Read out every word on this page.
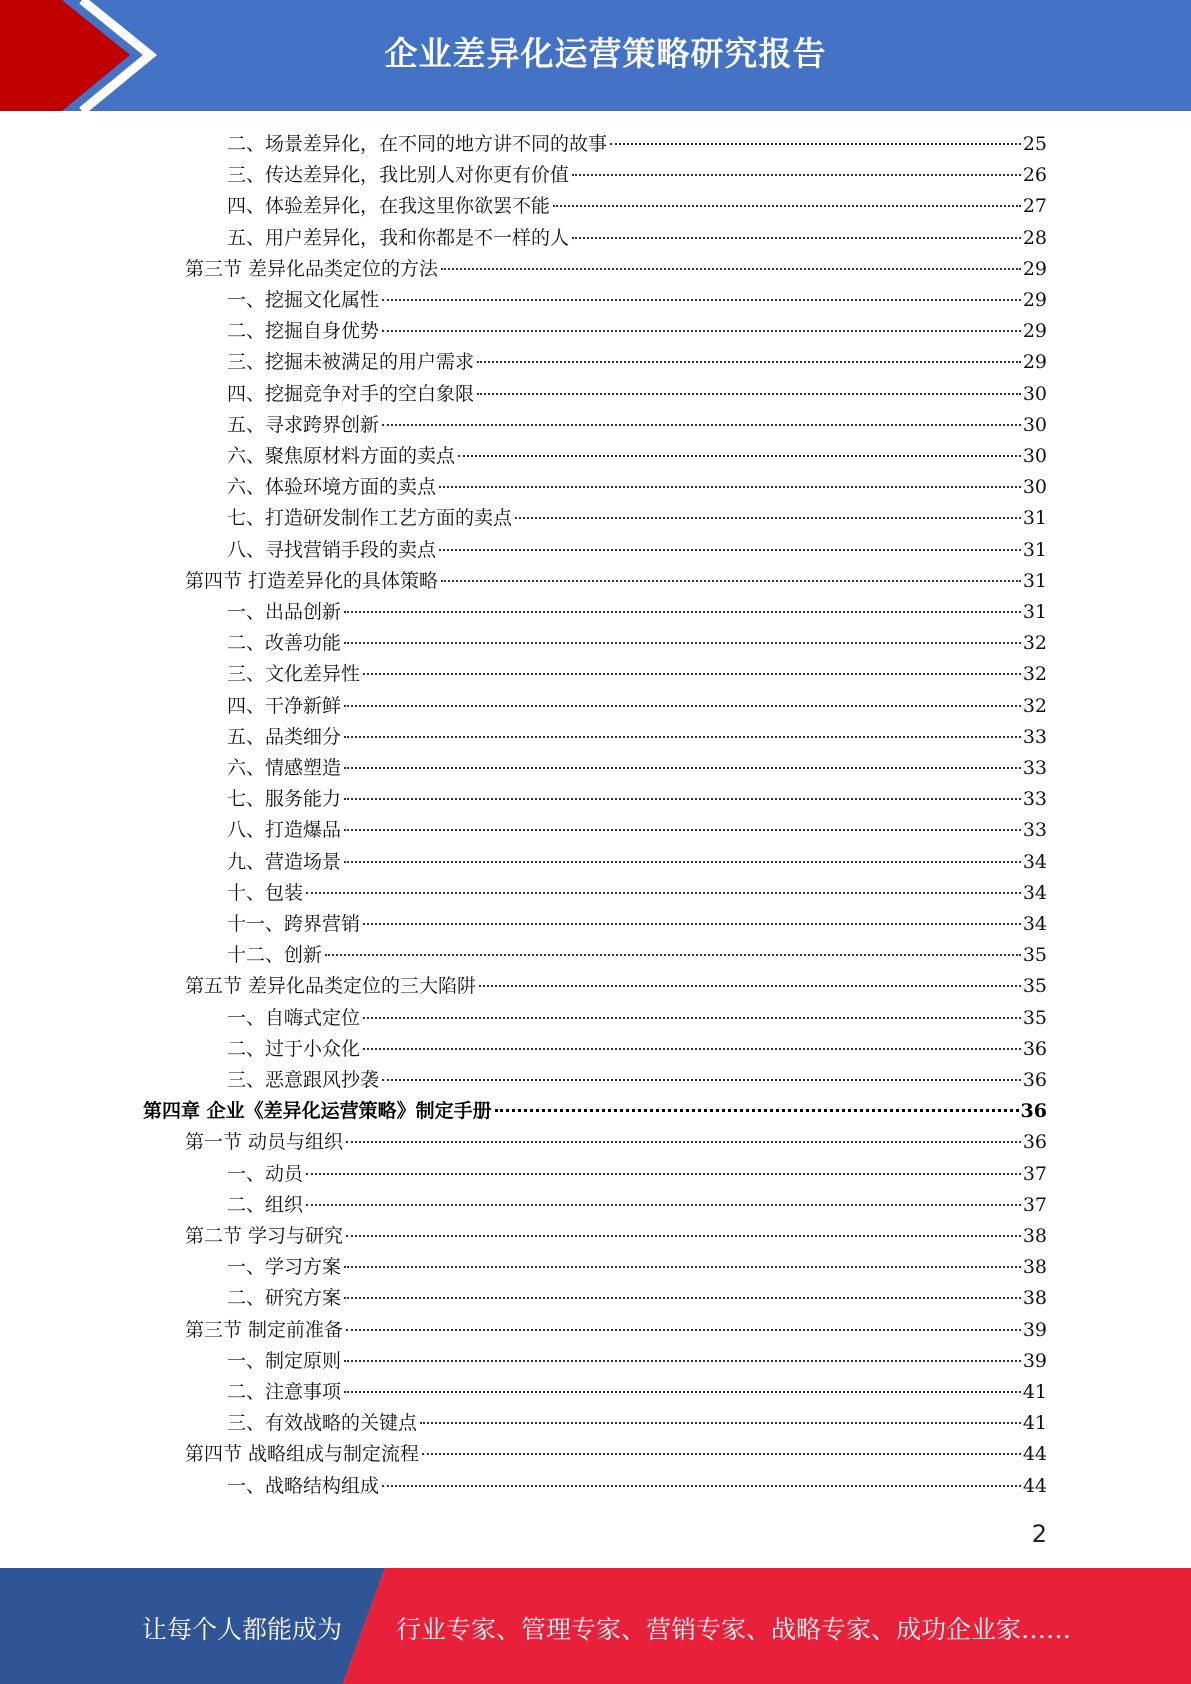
企业差异化运营策略研究报告
二、场景差异化，在不同的地方讲不同的故事	25
三、传达差异化，我比别人对你更有价值	26
四、体验差异化，在我这里你欲罢不能	27
五、用户差异化，我和你都是不一样的人	28
第三节 差异化品类定位的方法	29
一、挖掘文化属性	29
二、挖掘自身优势	29
三、挖掘未被满足的用户需求	29
四、挖掘竞争对手的空白象限	30
五、寻求跨界创新	30
六、聚焦原材料方面的卖点	30
六、体验环境方面的卖点	30
七、打造研发制作工艺方面的卖点	31
八、寻找营销手段的卖点	31
第四节 打造差异化的具体策略	31
一、出品创新	31
二、改善功能	32
三、文化差异性	32
四、干净新鲜	32
五、品类细分	33
六、情感塑造	33
七、服务能力	33
八、打造爆品	33
九、营造场景	34
十、包装	34
十一、跨界营销	34
十二、创新	35
第五节 差异化品类定位的三大陷阱	35
一、自嗨式定位	35
二、过于小众化	36
三、恶意跟风抄袭	36
第四章 企业《差异化运营策略》制定手册	36
第一节 动员与组织	36
一、动员	37
二、组织	37
第二节 学习与研究	38
一、学习方案	38
二、研究方案	38
第三节 制定前准备	39
一、制定原则	39
二、注意事项	41
三、有效战略的关键点	41
第四节 战略组成与制定流程	44
一、战略结构组成	44
2
让每个人都能成为 行业专家、管理专家、营销专家、战略专家、成功企业家……
